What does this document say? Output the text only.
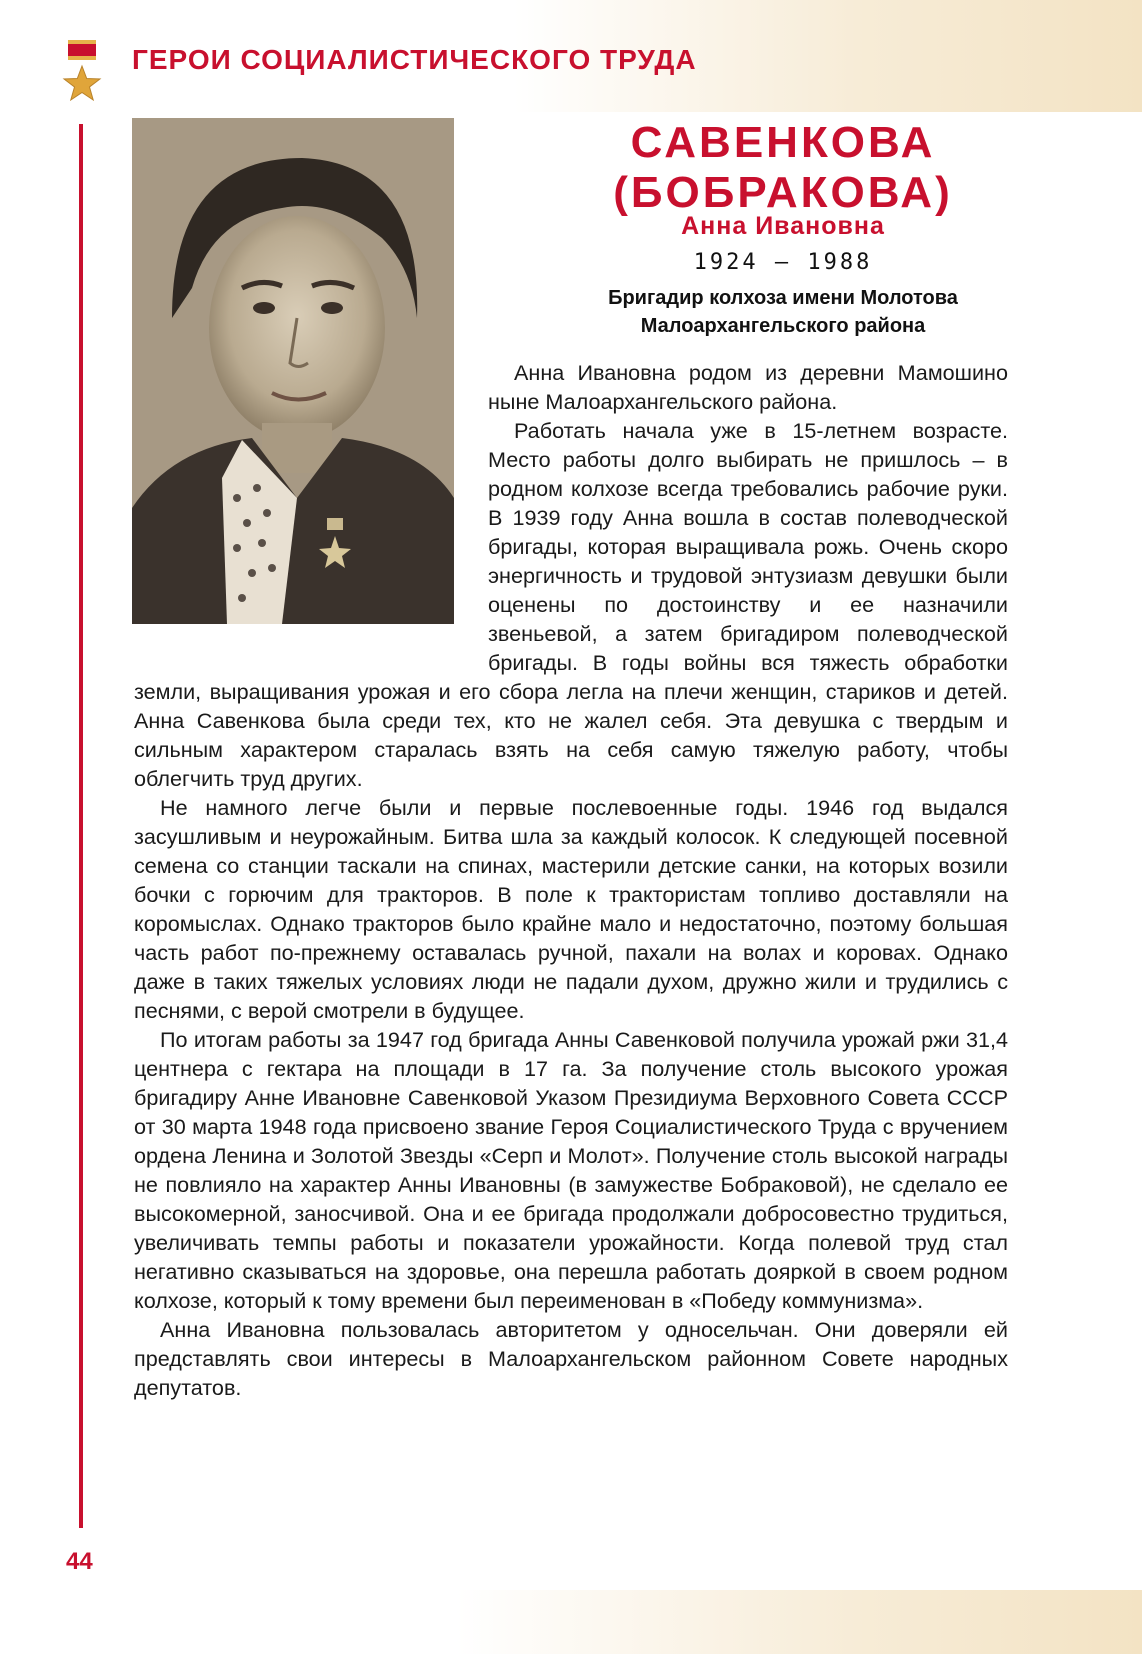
ГЕРОИ СОЦИАЛИСТИЧЕСКОГО ТРУДА
САВЕНКОВА
(БОБРАКОВА)
Анна Ивановна
1924 — 1988
Бригадир колхоза имени Молотова
Малоархангельского района

Анна Ивановна родом из деревни Мамошино ныне Малоархангельского района.

Работать начала уже в 15-летнем возрасте. Место работы долго выбирать не пришлось – в родном колхозе всегда требовались рабочие руки. В 1939 году Анна вошла в состав полеводческой бригады, которая выращивала рожь. Очень скоро энергичность и трудовой энтузиазм девушки были оценены по достоинству и ее назначили звеньевой, а затем бригадиром полеводческой бригады. В годы войны вся тяжесть обработки земли, выращивания урожая и его сбора легла на плечи женщин, стариков и детей. Анна Савенкова была среди тех, кто не жалел себя. Эта девушка с твердым и сильным характером старалась взять на себя самую тяжелую работу, чтобы облегчить труд других.

Не намного легче были и первые послевоенные годы. 1946 год выдался засушливым и неурожайным. Битва шла за каждый колосок. К следующей посевной семена со станции таскали на спинах, мастерили детские санки, на которых возили бочки с горючим для тракторов. В поле к трактористам топливо доставляли на коромыслах. Однако тракторов было крайне мало и недостаточно, поэтому большая часть работ по-прежнему оставалась ручной, пахали на волах и коровах. Однако даже в таких тяжелых условиях люди не падали духом, дружно жили и трудились с песнями, с верой смотрели в будущее.

По итогам работы за 1947 год бригада Анны Савенковой получила урожай ржи 31,4 центнера с гектара на площади в 17 га. За получение столь высокого урожая бригадиру Анне Ивановне Савенковой Указом Президиума Верховного Совета СССР от 30 марта 1948 года присвоено звание Героя Социалистического Труда с вручением ордена Ленина и Золотой Звезды «Серп и Молот». Получение столь высокой награды не повлияло на характер Анны Ивановны (в замужестве Бобраковой), не сделало ее высокомерной, заносчивой. Она и ее бригада продолжали добросовестно трудиться, увеличивать темпы работы и показатели урожайности. Когда полевой труд стал негативно сказываться на здоровье, она перешла работать дояркой в своем родном колхозе, который к тому времени был переименован в «Победу коммунизма».

Анна Ивановна пользовалась авторитетом у односельчан. Они доверяли ей представлять свои интересы в Малоархангельском районном Совете народных депутатов.

44
